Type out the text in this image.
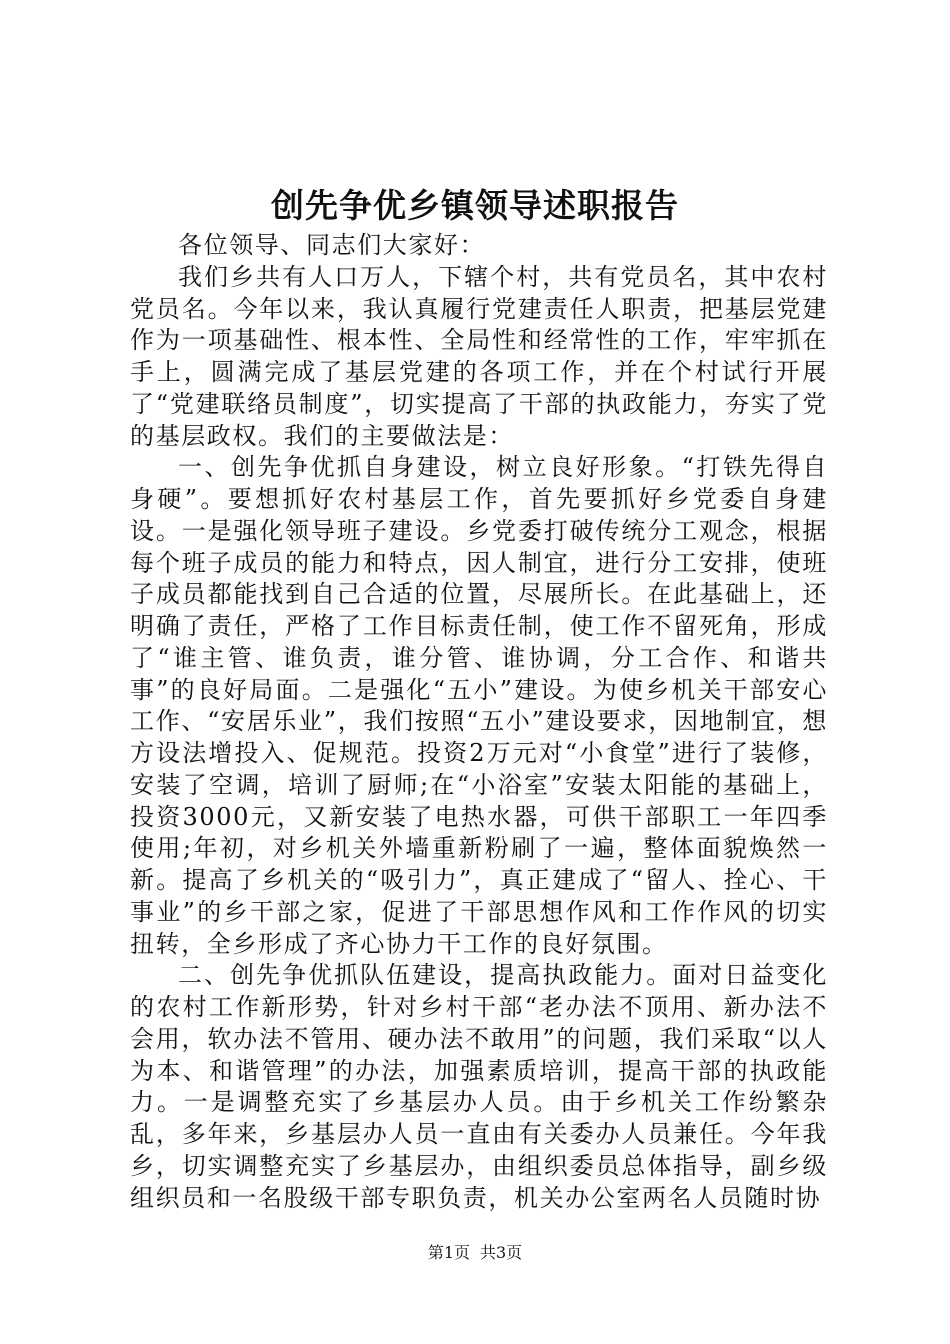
创先争优乡镇领导述职报告

各位领导、同志们大家好：

我们乡共有人口万人，下辖个村，共有党员名，其中农村党员名。今年以来，我认真履行党建责任人职责，把基层党建作为一项基础性、根本性、全局性和经常性的工作，牢牢抓在手上，圆满完成了基层党建的各项工作，并在个村试行开展了“党建联络员制度”，切实提高了干部的执政能力，夯实了党的基层政权。我们的主要做法是：

一、创先争优抓自身建设，树立良好形象。“打铁先得自身硬”。要想抓好农村基层工作，首先要抓好乡党委自身建设。一是强化领导班子建设。乡党委打破传统分工观念，根据每个班子成员的能力和特点，因人制宜，进行分工安排，使班子成员都能找到自己合适的位置，尽展所长。在此基础上，还明确了责任，严格了工作目标责任制，使工作不留死角，形成了“谁主管、谁负责，谁分管、谁协调，分工合作、和谐共事”的良好局面。二是强化“五小”建设。为使乡机关干部安心工作、“安居乐业”，我们按照“五小”建设要求，因地制宜，想方设法增投入、促规范。投资2万元对“小食堂”进行了装修，安装了空调，培训了厨师;在“小浴室”安装太阳能的基础上，投资3000元，又新安装了电热水器，可供干部职工一年四季使用;年初，对乡机关外墙重新粉刷了一遍，整体面貌焕然一新。提高了乡机关的“吸引力”，真正建成了“留人、拴心、干事业”的乡干部之家，促进了干部思想作风和工作作风的切实扭转，全乡形成了齐心协力干工作的良好氛围。

二、创先争优抓队伍建设，提高执政能力。面对日益变化的农村工作新形势，针对乡村干部“老办法不顶用、新办法不会用，软办法不管用、硬办法不敢用”的问题，我们采取“以人为本、和谐管理”的办法，加强素质培训，提高干部的执政能力。一是调整充实了乡基层办人员。由于乡机关工作纷繁杂乱，多年来，乡基层办人员一直由有关委办人员兼任。今年我乡，切实调整充实了乡基层办，由组织委员总体指导，副乡级组织员和一名股级干部专职负责，机关办公室两名人员随时协

第1页 共3页
